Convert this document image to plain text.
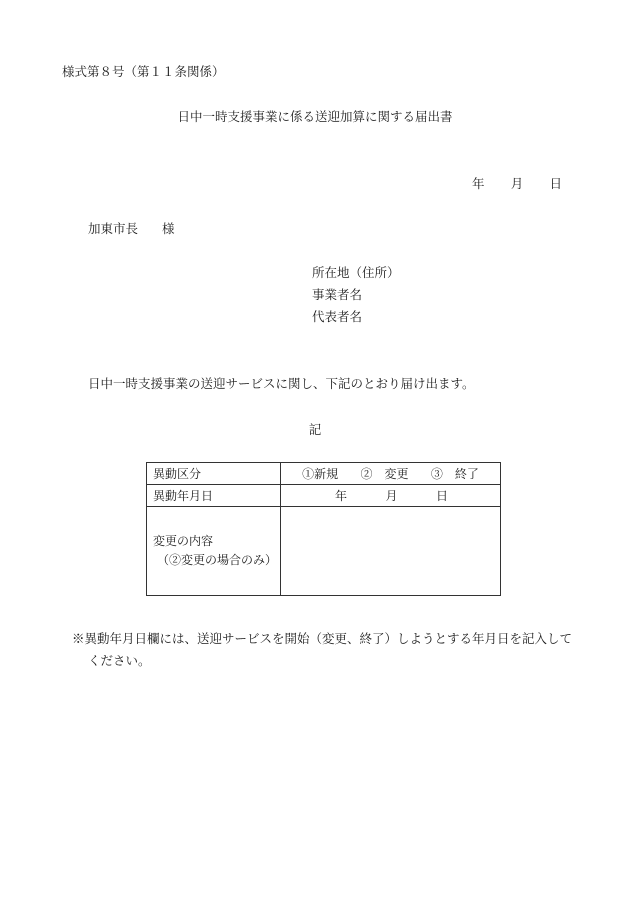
様式第８号（第１１条関係）
日中一時支援事業に係る送迎加算に関する届出書
年 月 日
加東市長 様
所在地（住所）
事業者名
代表者名
日中一時支援事業の送迎サービスに関し、下記のとおり届け出ます。
記
異動区分	①新規 ②　変更 ③　終了

異動年月日	年 月 日

変更の内容
（②変更の場合のみ）	

※異動年月日欄には、送迎サービスを開始（変更、終了）しようとする年月日を記入して
ください。
